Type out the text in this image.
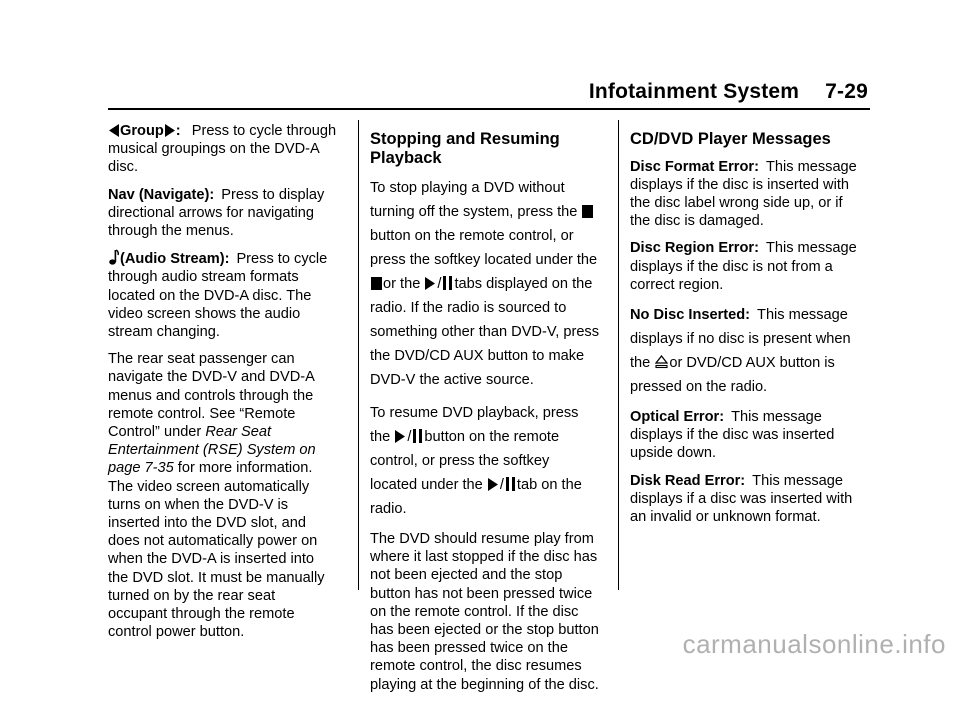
Infotainment System 7-29

Group : Press to cycle through musical groupings on the DVD-A disc.

Nav (Navigate): Press to display directional arrows for navigating through the menus.

(Audio Stream): Press to cycle through audio stream formats located on the DVD-A disc. The video screen shows the audio stream changing.

The rear seat passenger can navigate the DVD-V and DVD-A menus and controls through the remote control. See “Remote Control” under Rear Seat Entertainment (RSE) System on page 7-35 for more information. The video screen automatically turns on when the DVD-V is inserted into the DVD slot, and does not automatically power on when the DVD-A is inserted into the DVD slot. It must be manually turned on by the rear seat occupant through the remote control power button.

Stopping and Resuming Playback

To stop playing a DVD without turning off the system, press the
button on the remote control, or press the softkey located under the
or the / tabs displayed on the radio. If the radio is sourced to something other than DVD-V, press the DVD/CD AUX button to make DVD-V the active source.

To resume DVD playback, press the / button on the remote control, or press the softkey located under the / tab on the radio.

The DVD should resume play from where it last stopped if the disc has not been ejected and the stop button has not been pressed twice on the remote control. If the disc has been ejected or the stop button has been pressed twice on the remote control, the disc resumes playing at the beginning of the disc.

CD/DVD Player Messages

Disc Format Error: This message displays if the disc is inserted with the disc label wrong side up, or if the disc is damaged.

Disc Region Error: This message displays if the disc is not from a correct region.

No Disc Inserted: This message displays if no disc is present when the or DVD/CD AUX button is pressed on the radio.

Optical Error: This message displays if the disc was inserted upside down.

Disk Read Error: This message displays if a disc was inserted with an invalid or unknown format.

carmanualsonline.info
